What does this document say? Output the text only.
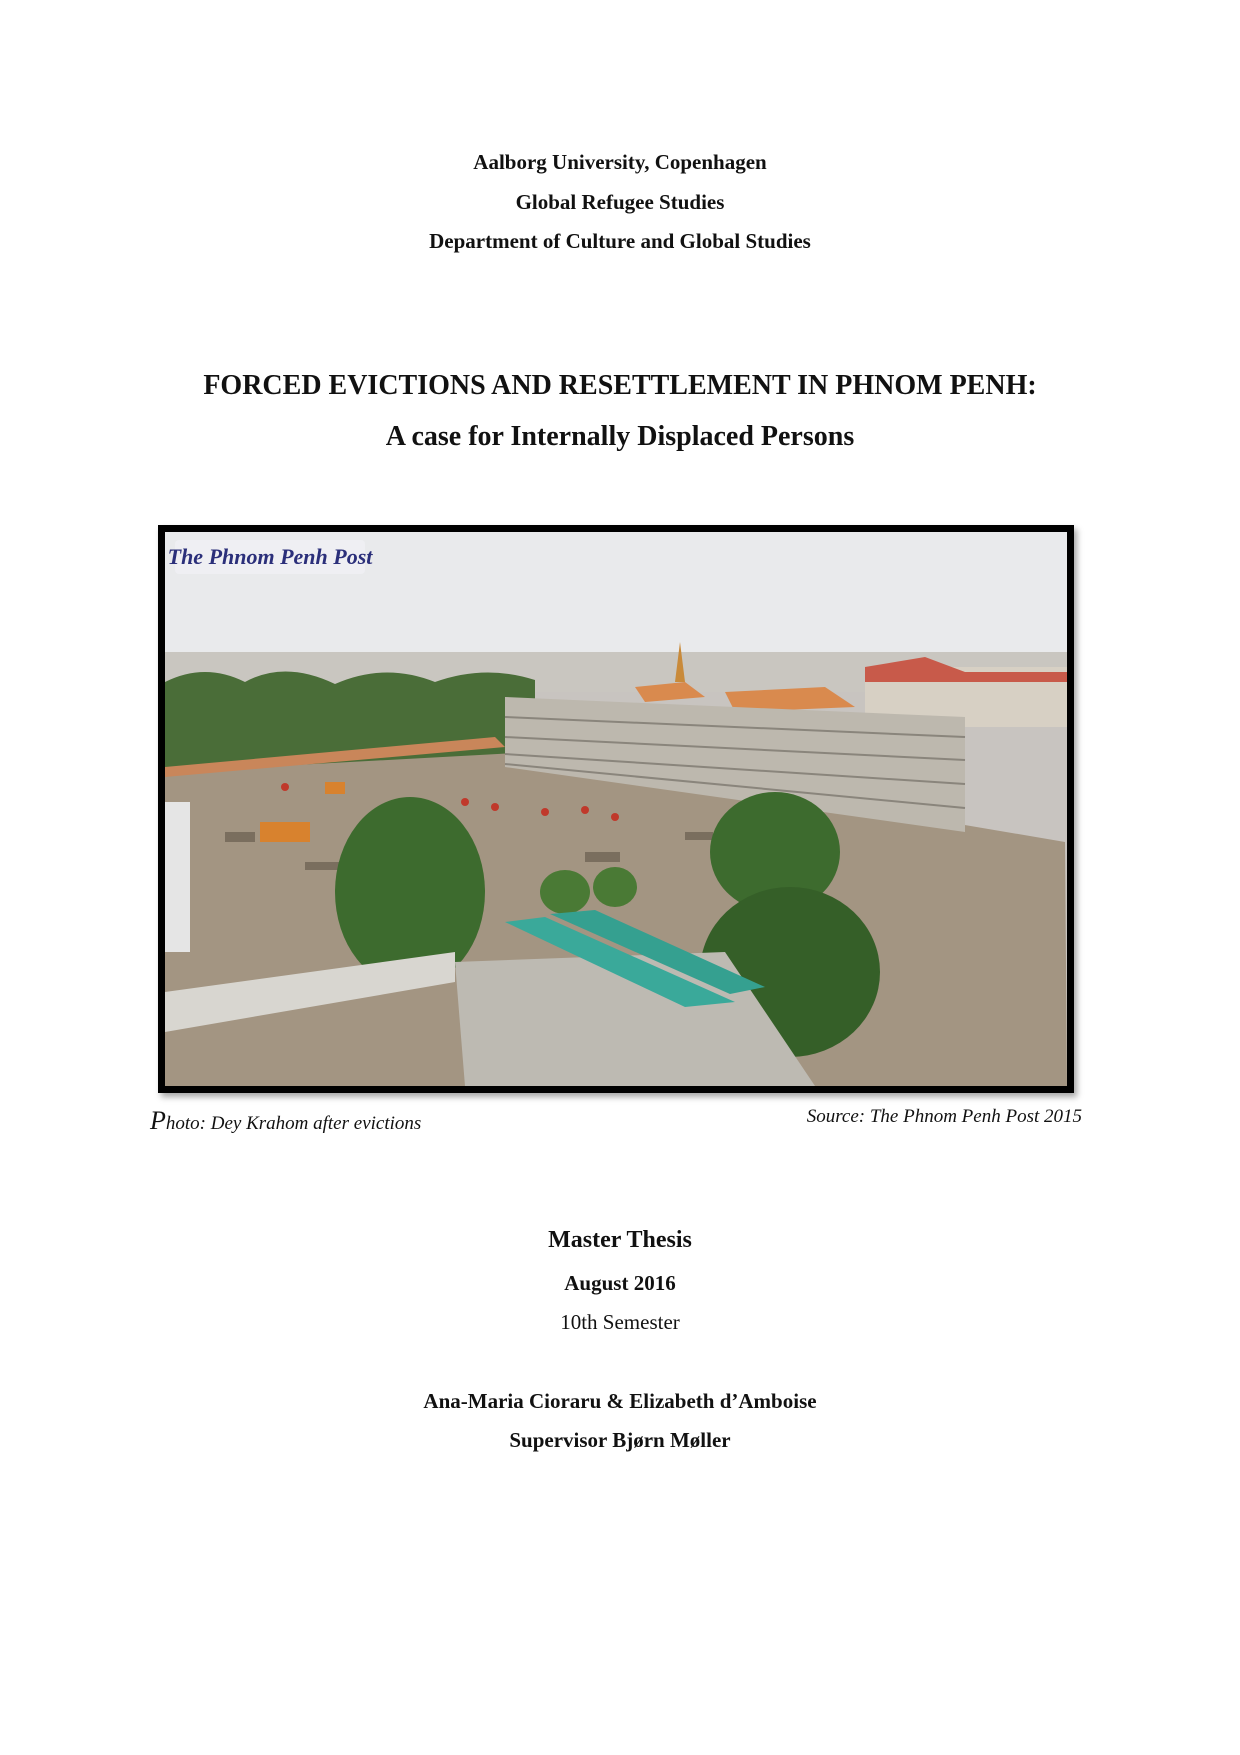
Aalborg University, Copenhagen
Global Refugee Studies
Department of Culture and Global Studies
FORCED EVICTIONS AND RESETTLEMENT IN PHNOM PENH:
A case for Internally Displaced Persons
The Phnom Penh Post
Photo: Dey Krahom after evictions	Source: The Phnom Penh Post 2015
Master Thesis
August 2016
10th Semester
Ana-Maria Cioraru & Elizabeth d’Amboise
Supervisor Bjørn Møller
